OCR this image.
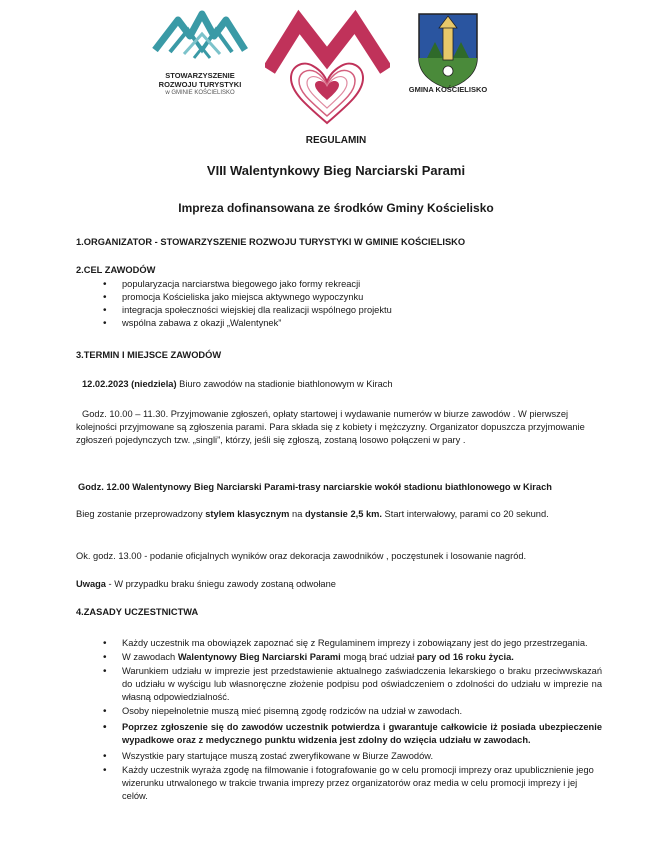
STOWARZYSZENIE ROZWOJU TURYSTYKI
w GMINIE KOŚCIELISKO	GMINA KOŚCIELISKO
REGULAMIN
VIII Walentynkowy Bieg Narciarski Parami
Impreza dofinansowana ze środków Gminy Kościelisko
1.ORGANIZATOR - STOWARZYSZENIE ROZWOJU TURYSTYKI W GMINIE KOŚCIELISKO
2.CEL ZAWODÓW
• popularyzacja narciarstwa biegowego jako formy rekreacji
• promocja Kościeliska jako miejsca aktywnego wypoczynku
• integracja społeczności wiejskiej dla realizacji wspólnego projektu
• wspólna zabawa z okazji „Walentynek”
3.TERMIN I MIEJSCE ZAWODÓW
12.02.2023 (niedziela) Biuro zawodów na stadionie biathlonowym w Kirach
Godz. 10.00 – 11.30. Przyjmowanie zgłoszeń, opłaty startowej i wydawanie numerów w biurze zawodów . W pierwszej kolejności przyjmowane są zgłoszenia parami. Para składa się z kobiety i mężczyzny. Organizator dopuszcza przyjmowanie zgłoszeń pojedynczych tzw. „singli”, którzy, jeśli się zgłoszą, zostaną losowo połączeni w pary .
Godz. 12.00 Walentynowy Bieg Narciarski Parami-trasy narciarskie wokół stadionu biathlonowego w Kirach
Bieg zostanie przeprowadzony stylem klasycznym na dystansie 2,5 km. Start interwałowy, parami co 20 sekund.
Ok. godz. 13.00 - podanie oficjalnych wyników oraz dekoracja zawodników , poczęstunek i losowanie nagród.
Uwaga - W przypadku braku śniegu zawody zostaną odwołane
4.ZASADY UCZESTNICTWA
• Każdy uczestnik ma obowiązek zapoznać się z Regulaminem imprezy i zobowiązany jest do jego przestrzegania.
• W zawodach Walentynowy Bieg Narciarski Parami mogą brać udział pary od 16 roku życia.
• Warunkiem udziału w imprezie jest przedstawienie aktualnego zaświadczenia lekarskiego o braku przeciwwskazań do udziału w wyścigu lub własnoręczne złożenie podpisu pod oświadczeniem o zdolności do udziału w imprezie na własną odpowiedzialność.
• Osoby niepełnoletnie muszą mieć pisemną zgodę rodziców na udział w zawodach.
• Poprzez zgłoszenie się do zawodów uczestnik potwierdza i gwarantuje całkowicie iż posiada ubezpieczenie wypadkowe oraz z medycznego punktu widzenia jest zdolny do wzięcia udziału w zawodach.
• Wszystkie pary startujące muszą zostać zweryfikowane w Biurze Zawodów.
• Każdy uczestnik wyraża zgodę na filmowanie i fotografowanie go w celu promocji imprezy oraz upublicznienie jego wizerunku utrwalonego w trakcie trwania imprezy przez organizatorów oraz media w celu promocji imprezy i jej celów.
